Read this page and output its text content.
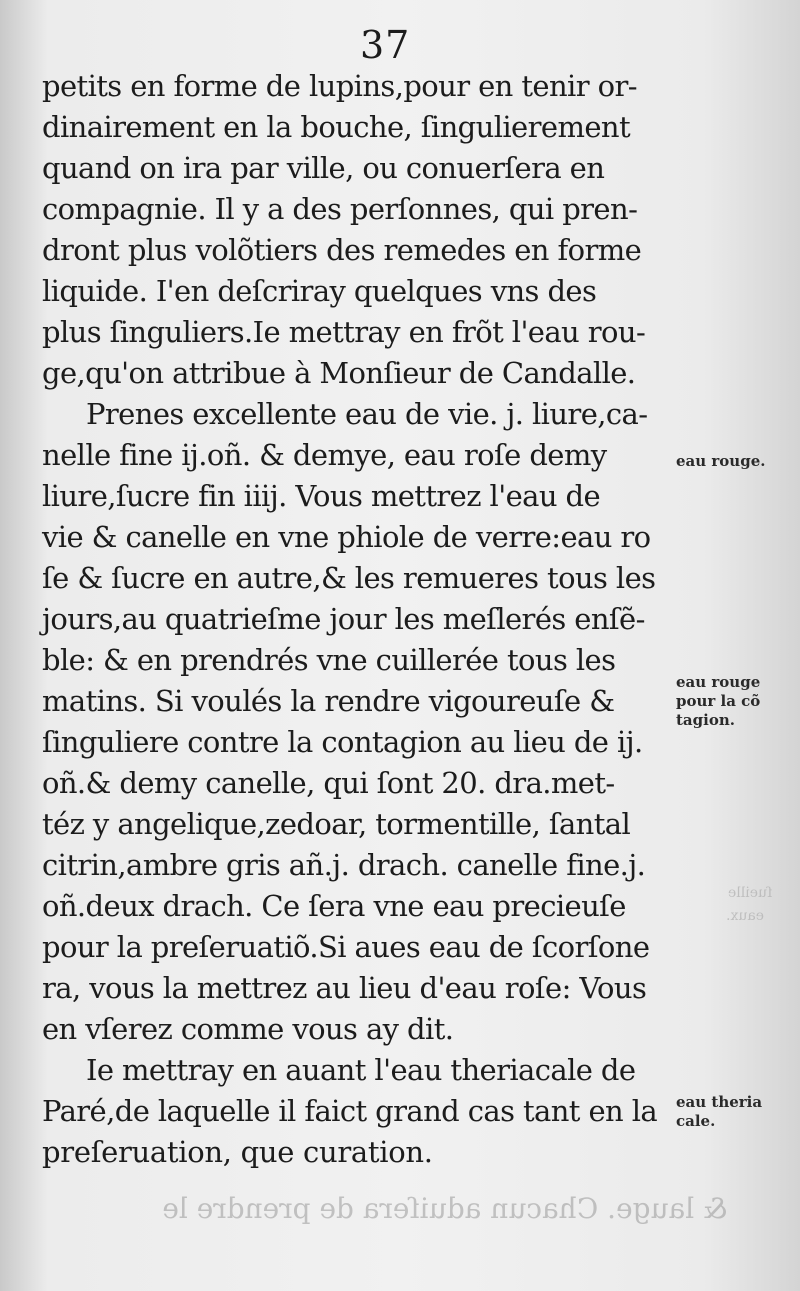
37
petits en forme de lupins,pour en tenir or-
dinairement en la bouche, ſingulierement
quand on ira par ville, ou conuerſera en
compagnie. Il y a des perſonnes, qui pren-
dront plus volõtiers des remedes en forme
liquide. I'en deſcriray quelques vns des
plus ſinguliers.Ie mettray en frõt l'eau rou-
ge,qu'on attribue à Monſieur de Candalle.
Prenes excellente eau de vie. j. liure,ca-
nelle fine ij.oñ. & demye, eau roſe demy
liure,ſucre fin iiij. Vous mettrez l'eau de
vie & canelle en vne phiole de verre:eau ro
ſe & ſucre en autre,& les remueres tous les
jours,au quatrieſme jour les meſlerés enſẽ-
ble: & en prendrés vne cuillerée tous les
matins. Si voulés la rendre vigoureuſe &
ſinguliere contre la contagion au lieu de ij.
oñ.& demy canelle, qui ſont 20. dra.met-
téz y angelique,zedoar, tormentille, ſantal
citrin,ambre gris añ.j. drach. canelle fine.j.
oñ.deux drach. Ce ſera vne eau precieuſe
pour la preſeruatiõ.Si aues eau de ſcorſone
ra, vous la mettrez au lieu d'eau roſe: Vous
en vſerez comme vous ay dit.
Ie mettray en auant l'eau theriacale de
Paré,de laquelle il faict grand cas tant en la
preſeruation, que curation.
eau rouge.
eau rouge
pour la cõ
tagion.
eau theria
cale.
ſueille
eaux.
& lauge. Chacun aduiſera de prendre le
